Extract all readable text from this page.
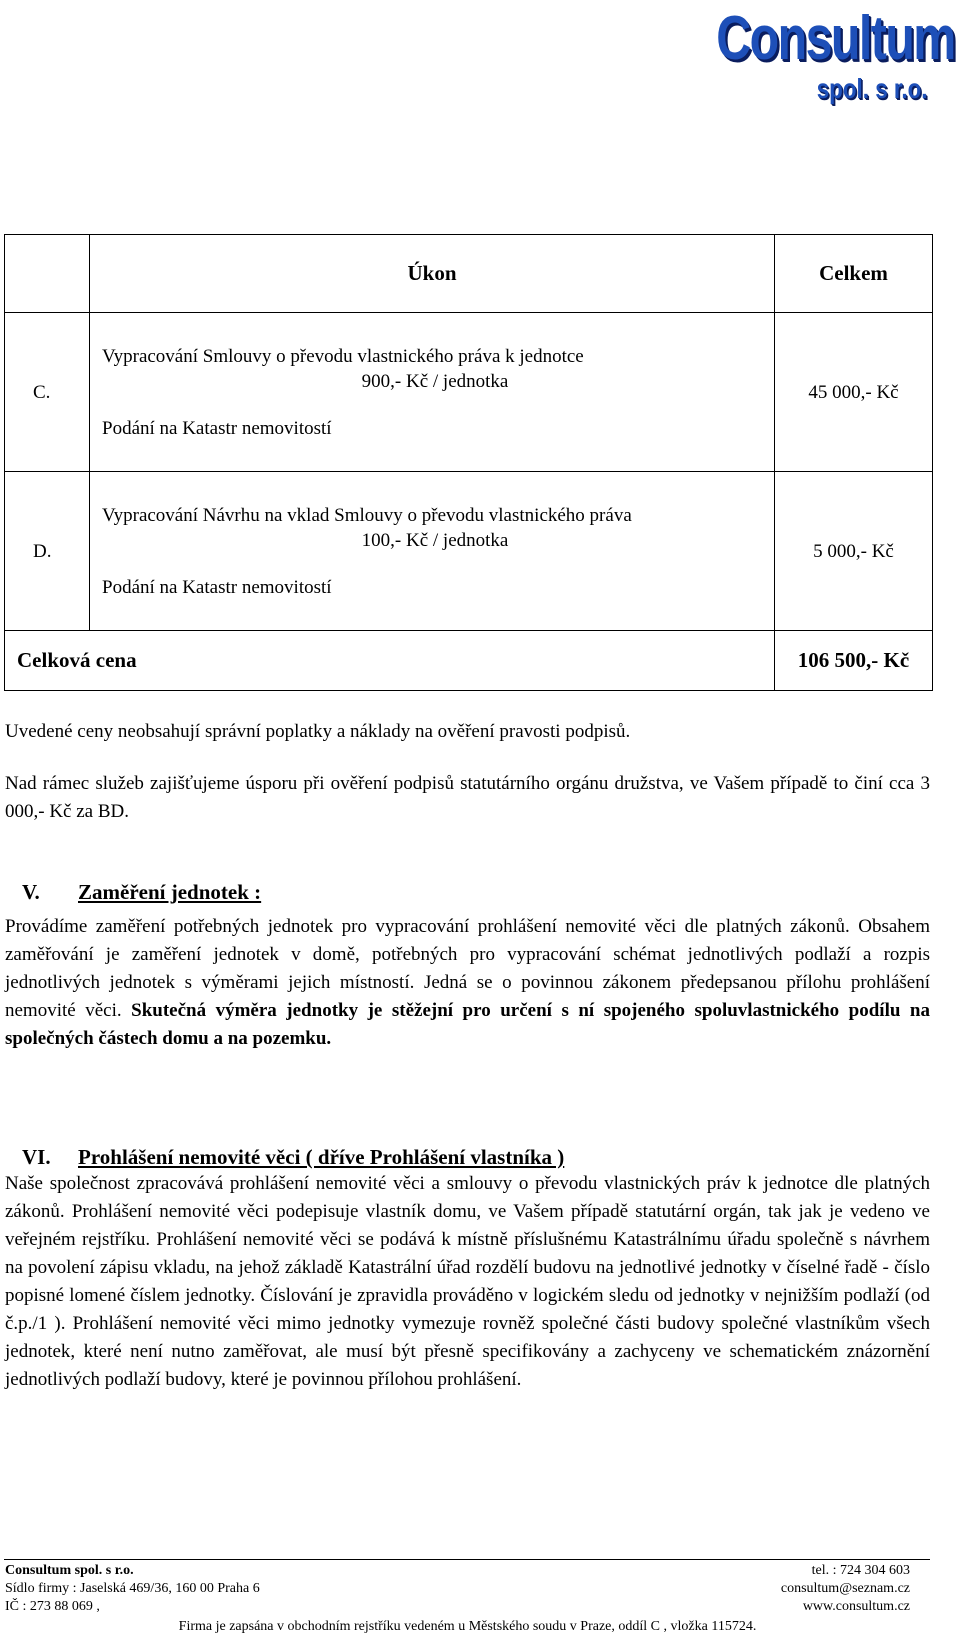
Consultum
spol. s r.o.
	Úkon	Celkem
C.	Vypracování Smlouvy o převodu vlastnického práva k jednotce
900,- Kč / jednotka
Podání na Katastr nemovitostí	45 000,- Kč
D.	Vypracování Návrhu na vklad Smlouvy o převodu vlastnického práva
100,- Kč / jednotka
Podání na Katastr nemovitostí	5 000,- Kč
Celková cena		106 500,- Kč
Uvedené ceny neobsahují správní poplatky a náklady na ověření pravosti podpisů.
Nad rámec služeb zajišťujeme úsporu při ověření podpisů statutárního orgánu družstva, ve Vašem případě to činí cca 3 000,- Kč za BD.
V. Zaměření jednotek :
Provádíme zaměření potřebných jednotek pro vypracování prohlášení nemovité věci dle platných zákonů. Obsahem zaměřování je zaměření jednotek v domě, potřebných pro vypracování schémat jednotlivých podlaží a rozpis jednotlivých jednotek s výměrami jejich místností. Jedná se o povinnou zákonem předepsanou přílohu prohlášení nemovité věci. Skutečná výměra jednotky je stěžejní pro určení s ní spojeného spoluvlastnického podílu na společných částech domu a na pozemku.
VI. Prohlášení nemovité věci ( dříve Prohlášení vlastníka )
Naše společnost zpracovává prohlášení nemovité věci a smlouvy o převodu vlastnických práv k jednotce dle platných zákonů. Prohlášení nemovité věci podepisuje vlastník domu, ve Vašem případě statutární orgán, tak jak je vedeno ve veřejném rejstříku. Prohlášení nemovité věci se podává k místně příslušnému Katastrálnímu úřadu společně s návrhem na povolení zápisu vkladu, na jehož základě Katastrální úřad rozdělí budovu na jednotlivé jednotky v číselné řadě - číslo popisné lomené číslem jednotky. Číslování je zpravidla prováděno v logickém sledu od jednotky v nejnižším podlaží (od č.p./1 ). Prohlášení nemovité věci mimo jednotky vymezuje rovněž společné části budovy společné vlastníkům všech jednotek, které není nutno zaměřovat, ale musí být přesně specifikovány a zachyceny ve schematickém znázornění jednotlivých podlaží budovy, které je povinnou přílohou prohlášení.
Consultum spol. s r.o.	tel. : 724 304 603
Sídlo firmy : Jaselská 469/36, 160 00 Praha 6	consultum@seznam.cz
IČ : 273 88 069 ,	www.consultum.cz
Firma je zapsána v obchodním rejstříku vedeném u Městského soudu v Praze, oddíl C , vložka 115724.
